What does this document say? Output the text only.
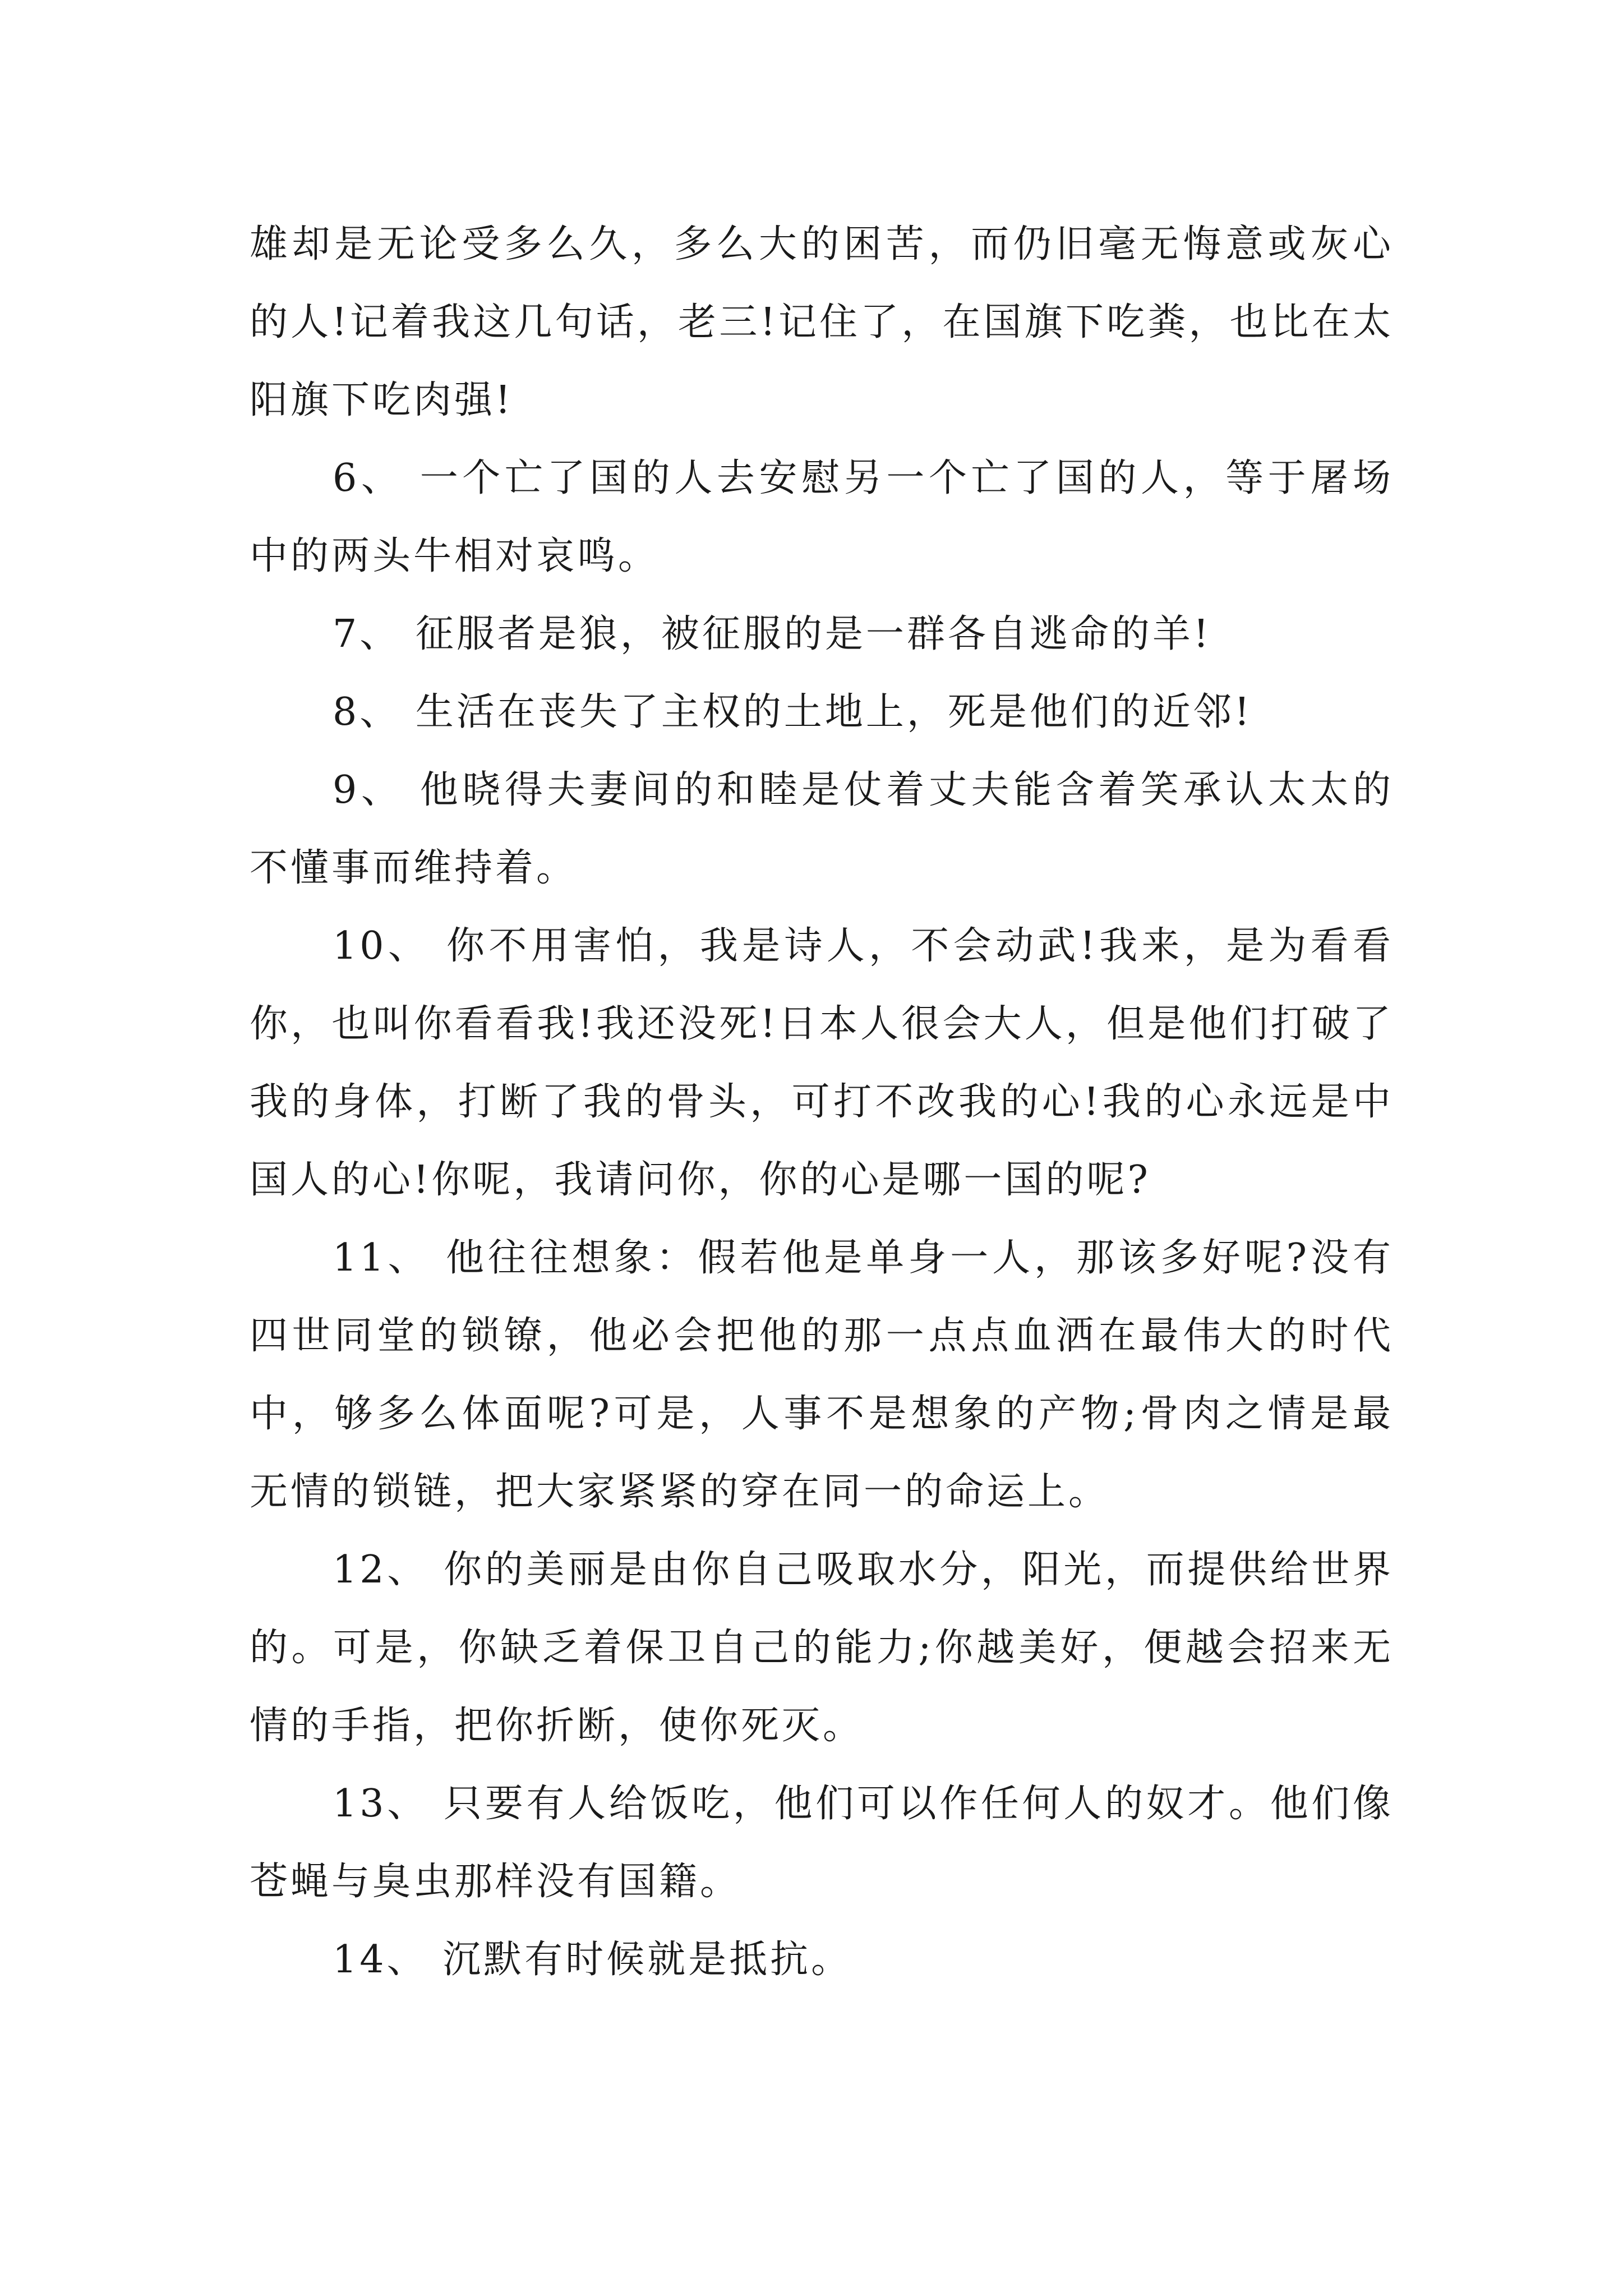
雄却是无论受多么久，多么大的困苦，而仍旧毫无悔意或灰心的人!记着我这几句话，老三!记住了，在国旗下吃粪，也比在太阳旗下吃肉强!

6、 一个亡了国的人去安慰另一个亡了国的人，等于屠场中的两头牛相对哀鸣。

7、 征服者是狼，被征服的是一群各自逃命的羊!

8、 生活在丧失了主权的土地上，死是他们的近邻!

9、 他晓得夫妻间的和睦是仗着丈夫能含着笑承认太太的不懂事而维持着。

10、 你不用害怕，我是诗人，不会动武!我来，是为看看你，也叫你看看我!我还没死!日本人很会大人，但是他们打破了我的身体，打断了我的骨头，可打不改我的心!我的心永远是中国人的心!你呢，我请问你，你的心是哪一国的呢?

11、 他往往想象：假若他是单身一人，那该多好呢?没有四世同堂的锁镣，他必会把他的那一点点血洒在最伟大的时代中，够多么体面呢?可是，人事不是想象的产物;骨肉之情是最无情的锁链，把大家紧紧的穿在同一的命运上。

12、 你的美丽是由你自己吸取水分，阳光，而提供给世界的。可是，你缺乏着保卫自己的能力;你越美好，便越会招来无情的手指，把你折断，使你死灭。

13、 只要有人给饭吃，他们可以作任何人的奴才。他们像苍蝇与臭虫那样没有国籍。

14、 沉默有时候就是抵抗。
